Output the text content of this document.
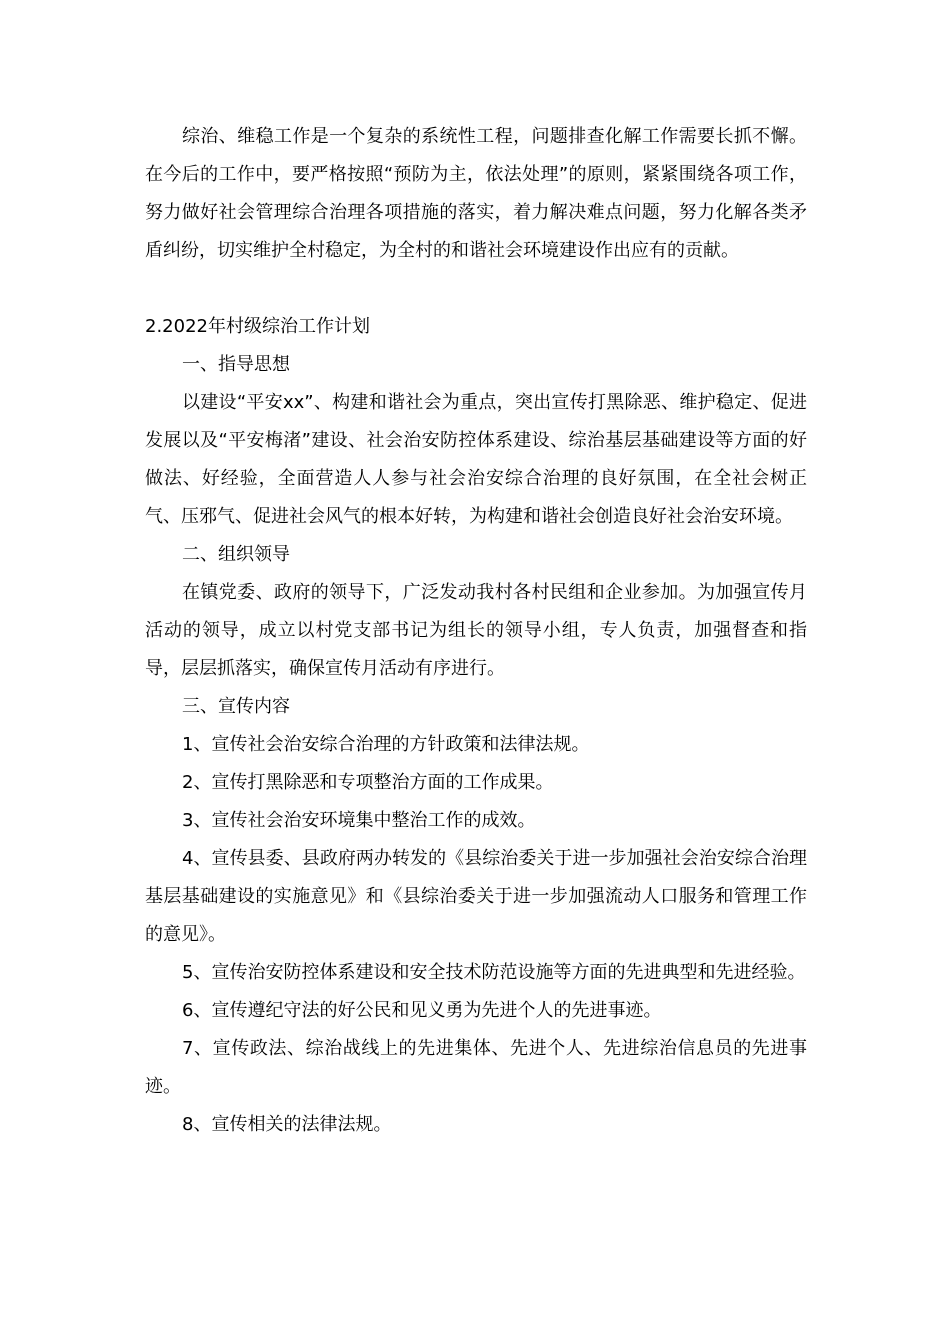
综治、维稳工作是一个复杂的系统性工程，问题排查化解工作需要长抓不懈。在今后的工作中，要严格按照“预防为主，依法处理”的原则，紧紧围绕各项工作，努力做好社会管理综合治理各项措施的落实，着力解决难点问题，努力化解各类矛盾纠纷，切实维护全村稳定，为全村的和谐社会环境建设作出应有的贡献。

2.2022年村级综治工作计划

一、指导思想

以建设“平安xx”、构建和谐社会为重点，突出宣传打黑除恶、维护稳定、促进发展以及“平安梅渚”建设、社会治安防控体系建设、综治基层基础建设等方面的好做法、好经验，全面营造人人参与社会治安综合治理的良好氛围，在全社会树正气、压邪气、促进社会风气的根本好转，为构建和谐社会创造良好社会治安环境。

二、组织领导

在镇党委、政府的领导下，广泛发动我村各村民组和企业参加。为加强宣传月活动的领导，成立以村党支部书记为组长的领导小组，专人负责，加强督查和指导，层层抓落实，确保宣传月活动有序进行。

三、宣传内容

1、宣传社会治安综合治理的方针政策和法律法规。

2、宣传打黑除恶和专项整治方面的工作成果。

3、宣传社会治安环境集中整治工作的成效。

4、宣传县委、县政府两办转发的《县综治委关于进一步加强社会治安综合治理基层基础建设的实施意见》和《县综治委关于进一步加强流动人口服务和管理工作的意见》。

5、宣传治安防控体系建设和安全技术防范设施等方面的先进典型和先进经验。

6、宣传遵纪守法的好公民和见义勇为先进个人的先进事迹。

7、宣传政法、综治战线上的先进集体、先进个人、先进综治信息员的先进事迹。

8、宣传相关的法律法规。
